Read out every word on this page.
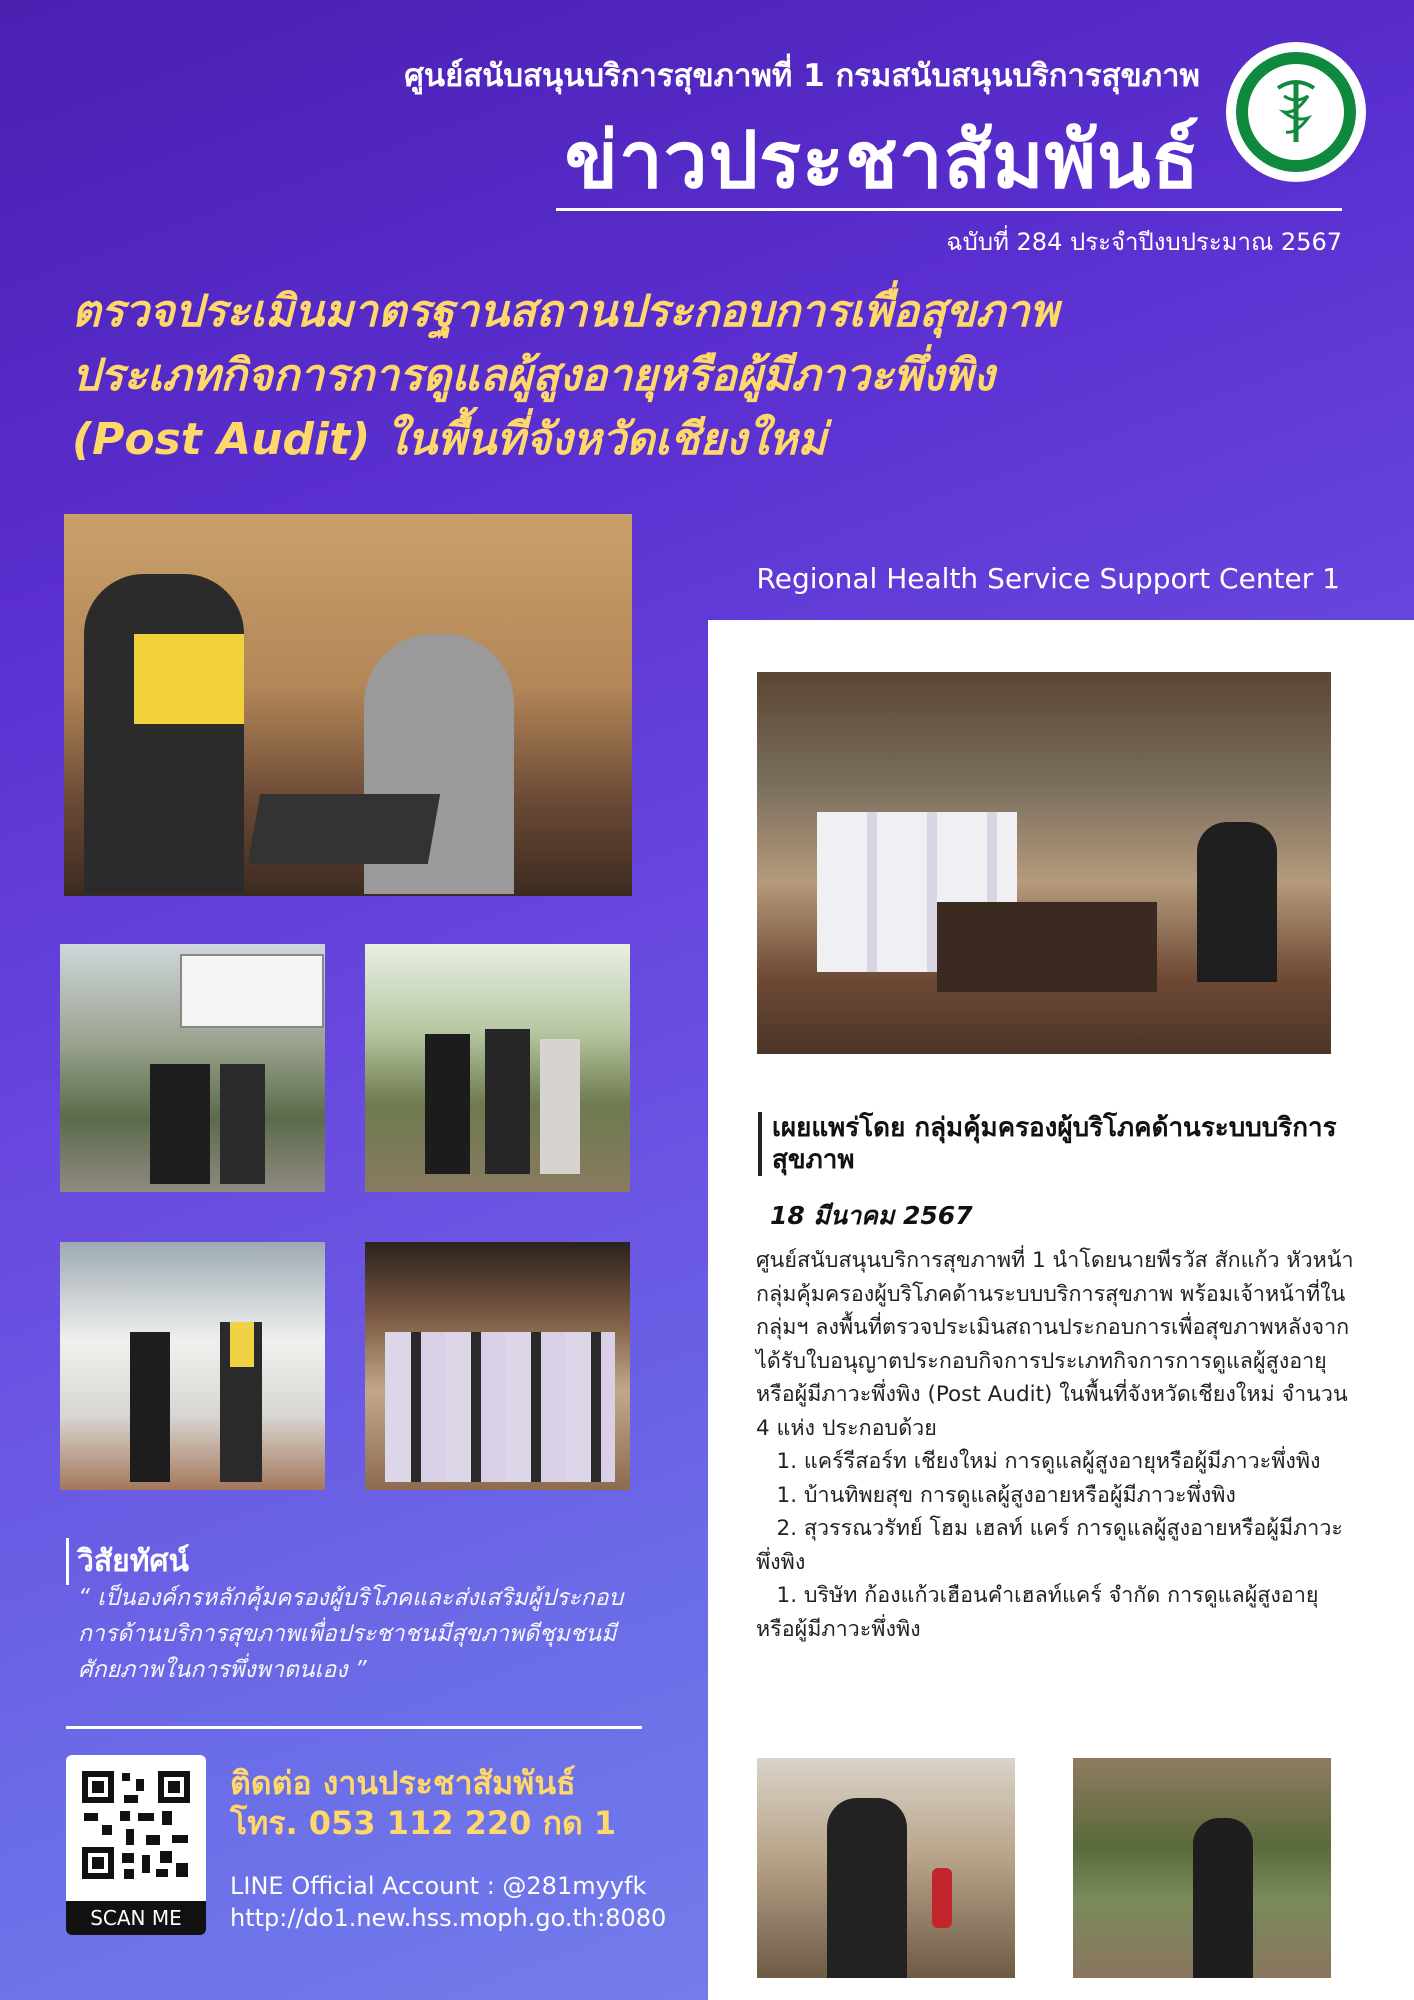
ศูนย์สนับสนุนบริการสุขภาพที่ 1 กรมสนับสนุนบริการสุขภาพ
ข่าวประชาสัมพันธ์
ฉบับที่ 284 ประจำปีงบประมาณ 2567
ตรวจประเมินมาตรฐานสถานประกอบการเพื่อสุขภาพ
ประเภทกิจการการดูแลผู้สูงอายุหรือผู้มีภาวะพึ่งพิง
(Post Audit) ในพื้นที่จังหวัดเชียงใหม่
Regional Health Service Support Center 1
เผยแพร่โดย กลุ่มคุ้มครองผู้บริโภคด้านระบบบริการสุขภาพ
18 มีนาคม 2567
ศูนย์สนับสนุนบริการสุขภาพที่ 1 นำโดยนายพีรวัส สักแก้ว หัวหน้ากลุ่มคุ้มครองผู้บริโภคด้านระบบบริการสุขภาพ พร้อมเจ้าหน้าที่ในกลุ่มฯ ลงพื้นที่ตรวจประเมินสถานประกอบการเพื่อสุขภาพหลังจากได้รับใบอนุญาตประกอบกิจการประเภทกิจการการดูแลผู้สูงอายุหรือผู้มีภาวะพึ่งพิง (Post Audit) ในพื้นที่จังหวัดเชียงใหม่ จำนวน 4 แห่ง ประกอบด้วย
1. แคร์รีสอร์ท เชียงใหม่ การดูแลผู้สูงอายุหรือผู้มีภาวะพึ่งพิง
1. บ้านทิพยสุข การดูแลผู้สูงอายหรือผู้มีภาวะพึ่งพิง
2. สุวรรณวรัทย์ โฮม เฮลท์ แคร์ การดูแลผู้สูงอายหรือผู้มีภาวะพึ่งพิง
1. บริษัท ก้องแก้วเฮือนคำเฮลท์แคร์ จำกัด การดูแลผู้สูงอายุหรือผู้มีภาวะพึ่งพิง
วิสัยทัศน์
“ เป็นองค์กรหลักคุ้มครองผู้บริโภคและส่งเสริมผู้ประกอบการด้านบริการสุขภาพเพื่อประชาชนมีสุขภาพดีชุมชนมีศักยภาพในการพึ่งพาตนเอง ”
SCAN ME
ติดต่อ งานประชาสัมพันธ์
โทร. 053 112 220 กด 1
LINE Official Account : @281myyfk
http://do1.new.hss.moph.go.th:8080
